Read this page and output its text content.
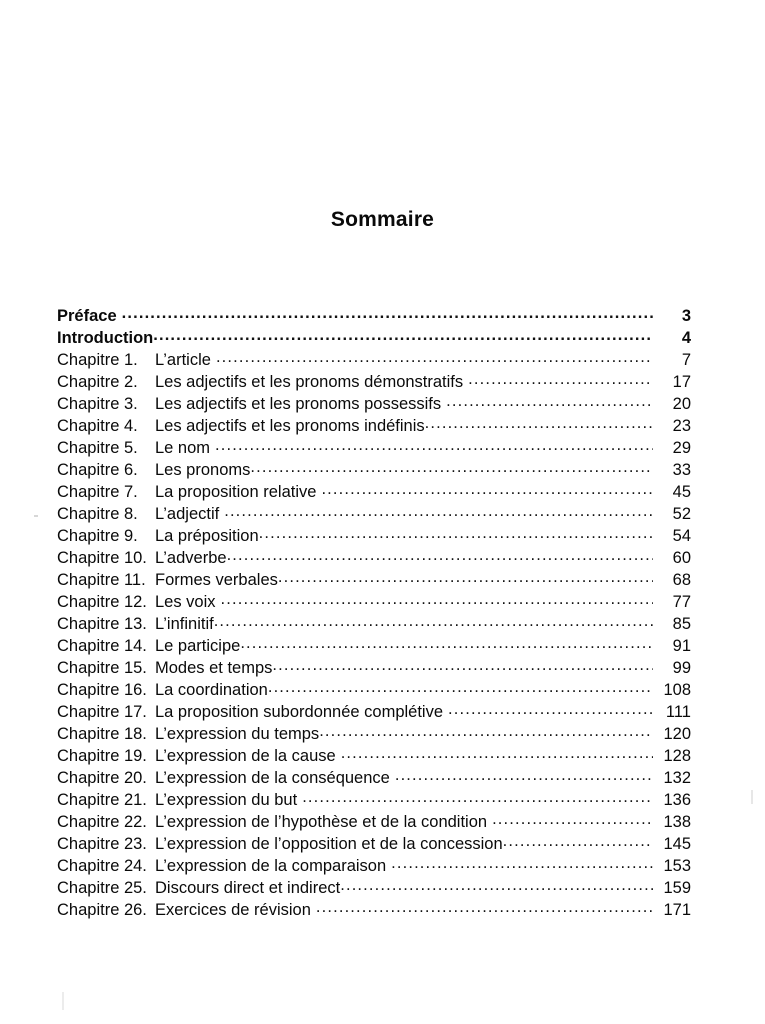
Sommaire
Préface .....	3
Introduction .....	4
Chapitre 1.	L’article .....	7
Chapitre 2.	Les adjectifs et les pronoms démonstratifs .....	17
Chapitre 3.	Les adjectifs et les pronoms possessifs .....	20
Chapitre 4.	Les adjectifs et les pronoms indéfinis .....	23
Chapitre 5.	Le nom .....	29
Chapitre 6.	Les pronoms .....	33
Chapitre 7.	La proposition relative .....	45
Chapitre 8.	L’adjectif .....	52
Chapitre 9.	La préposition .....	54
Chapitre 10. L’adverbe .....	60
Chapitre 11. Formes verbales .....	68
Chapitre 12. Les voix .....	77
Chapitre 13. L’infinitif .....	85
Chapitre 14. Le participe .....	91
Chapitre 15. Modes et temps .....	99
Chapitre 16. La coordination .....	108
Chapitre 17. La proposition subordonnée complétive .....	111
Chapitre 18. L’expression du temps .....	120
Chapitre 19. L’expression de la cause .....	128
Chapitre 20. L’expression de la conséquence .....	132
Chapitre 21. L’expression du but .....	136
Chapitre 22. L’expression de l’hypothèse et de la condition .....	138
Chapitre 23. L’expression de l’opposition et de la concession .....	145
Chapitre 24. L’expression de la comparaison .....	153
Chapitre 25. Discours direct et indirect .....	159
Chapitre 26. Exercices de révision .....	171
